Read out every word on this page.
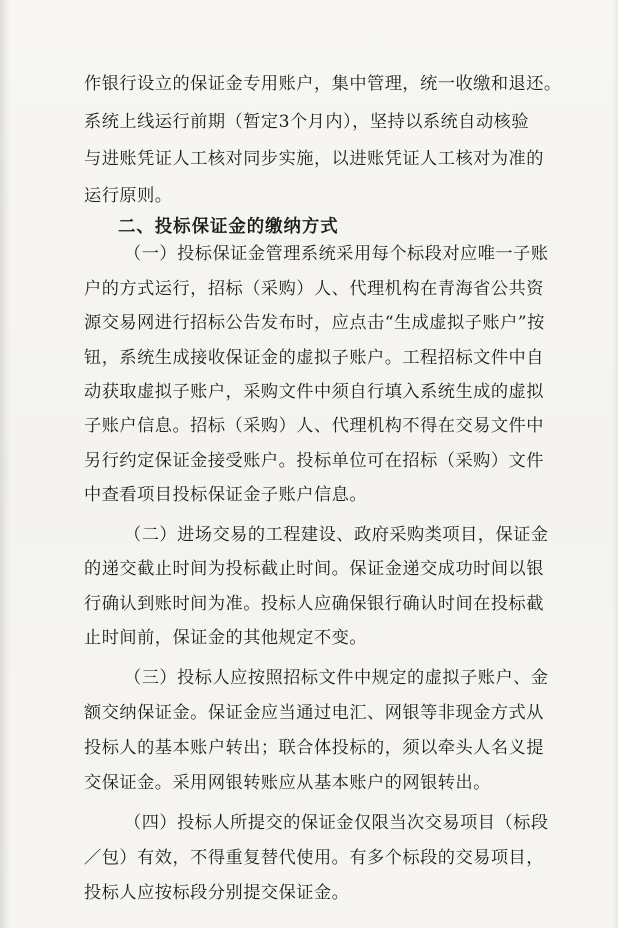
作银行设立的保证金专用账户，集中管理，统一收缴和退还。
系统上线运行前期（暂定3个月内），坚持以系统自动核验
与进账凭证人工核对同步实施，以进账凭证人工核对为准的
运行原则。
二、投标保证金的缴纳方式
（一）投标保证金管理系统采用每个标段对应唯一子账
户的方式运行，招标（采购）人、代理机构在青海省公共资
源交易网进行招标公告发布时，应点击“生成虚拟子账户”按
钮，系统生成接收保证金的虚拟子账户。工程招标文件中自
动获取虚拟子账户，采购文件中须自行填入系统生成的虚拟
子账户信息。招标（采购）人、代理机构不得在交易文件中
另行约定保证金接受账户。投标单位可在招标（采购）文件
中查看项目投标保证金子账户信息。
（二）进场交易的工程建设、政府采购类项目，保证金
的递交截止时间为投标截止时间。保证金递交成功时间以银
行确认到账时间为准。投标人应确保银行确认时间在投标截
止时间前，保证金的其他规定不变。
（三）投标人应按照招标文件中规定的虚拟子账户、金
额交纳保证金。保证金应当通过电汇、网银等非现金方式从
投标人的基本账户转出；联合体投标的，须以牵头人名义提
交保证金。采用网银转账应从基本账户的网银转出。
（四）投标人所提交的保证金仅限当次交易项目（标段
／包）有效，不得重复替代使用。有多个标段的交易项目，
投标人应按标段分别提交保证金。
